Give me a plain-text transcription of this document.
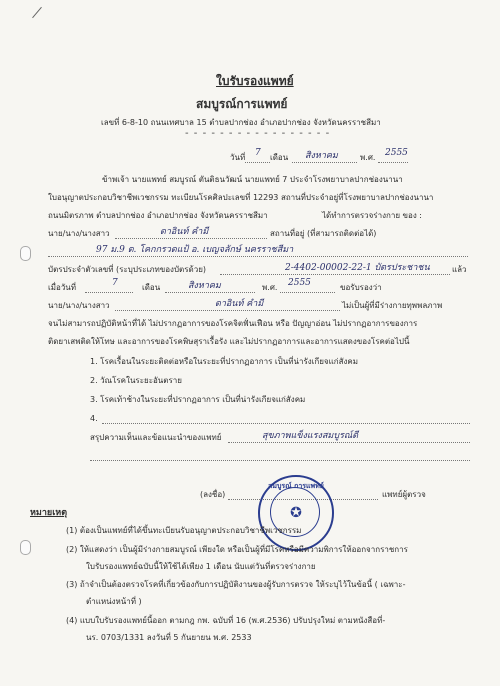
ใบรับรองแพทย์
สมบูรณ์การแพทย์
เลขที่ 6-8-10 ถนนเทศบาล 15 ตำบลปากช่อง อำเภอปากช่อง จังหวัดนครราชสีมา
- - - - - - - - - - - - - - - - -
วันที่ 7 เดือน สิงหาคม	พ.ศ. 2555
ข้าพเจ้า นายแพทย์ สมบูรณ์ ตันติธนวัฒน์ นายแพทย์ 7 ประจำโรงพยาบาลปากช่องนานา
ใบอนุญาตประกอบวิชาชีพเวชกรรม ทะเบียนโรคศิลปะเลขที่ 12293 สถานที่ประจำอยู่ที่โรงพยาบาลปากช่องนานา
ถนนมิตรภาพ ตำบลปากช่อง อำเภอปากช่อง จังหวัดนครราชสีมา	ได้ทำการตรวจร่างกาย ของ :
นาย/นาง/นางสาว	ดาอินท์ คำมี	สถานที่อยู่ (ที่สามารถติดต่อได้)
97 ม.9 ต. โคกกรวดแป้ อ. เบญจลักษ์ นครราชสีมา
บัตรประจำตัวเลขที่ (ระบุประเภทของบัตรด้วย)	2-4402-00002-22-1 บัตรประชาชน	แล้ว
เมื่อวันที่	7	เดือน	สิงหาคม	พ.ศ. 2555	ขอรับรองว่า
นาย/นาง/นางสาว	ดาอินท์ คำมี	ไม่เป็นผู้ที่มีร่างกายทุพพลภาพ
จนไม่สามารถปฏิบัติหน้าที่ได้ ไม่ปรากฏอาการของโรคจิตฟั่นเฟือน หรือ ปัญญาอ่อน ไม่ปรากฏอาการของการ
ติดยาเสพติดให้โทษ และอาการของโรคพิษสุราเรื้อรัง และไม่ปรากฏอาการและอาการแสดงของโรคต่อไปนี้
1. โรคเรื้อนในระยะติดต่อหรือในระยะที่ปรากฏอาการ เป็นที่น่ารังเกียจแก่สังคม
2. วัณโรคในระยะอันตราย
3. โรคเท้าช้างในระยะที่ปรากฏอาการ เป็นที่น่ารังเกียจแก่สังคม
4.
สรุปความเห็นและข้อแนะนำของแพทย์	สุขภาพแข็งแรงสมบูรณ์ดี
(ลงชื่อ)	แพทย์ผู้ตรวจ
สมบูรณ์ การแพทย์
✪
หมายเหตุ
(1) ต้องเป็นแพทย์ที่ได้ขึ้นทะเบียนรับอนุญาตประกอบวิชาชีพเวชกรรม
(2) ให้แสดงว่า เป็นผู้มีร่างกายสมบูรณ์ เพียงใด หรือเป็นผู้ที่มีโรคหรือมีความพิการให้ออกจากราชการ
ใบรับรองแพทย์ฉบับนี้ให้ใช้ได้เพียง 1 เดือน นับแต่วันที่ตรวจร่างกาย
(3) ถ้าจำเป็นต้องตรวจโรคที่เกี่ยวข้องกับการปฏิบัติงานของผู้รับการตรวจ ให้ระบุไว้ในข้อนี้ ( เฉพาะ-
ตำแหน่งหน้าที่ )
(4) แบบใบรับรองแพทย์นี้ออก ตามกฎ กพ. ฉบับที่ 16 (พ.ศ.2536) ปรับปรุงใหม่ ตามหนังสือที่-
นร. 0703/1331 ลงวันที่ 5 กันยายน พ.ศ. 2533
